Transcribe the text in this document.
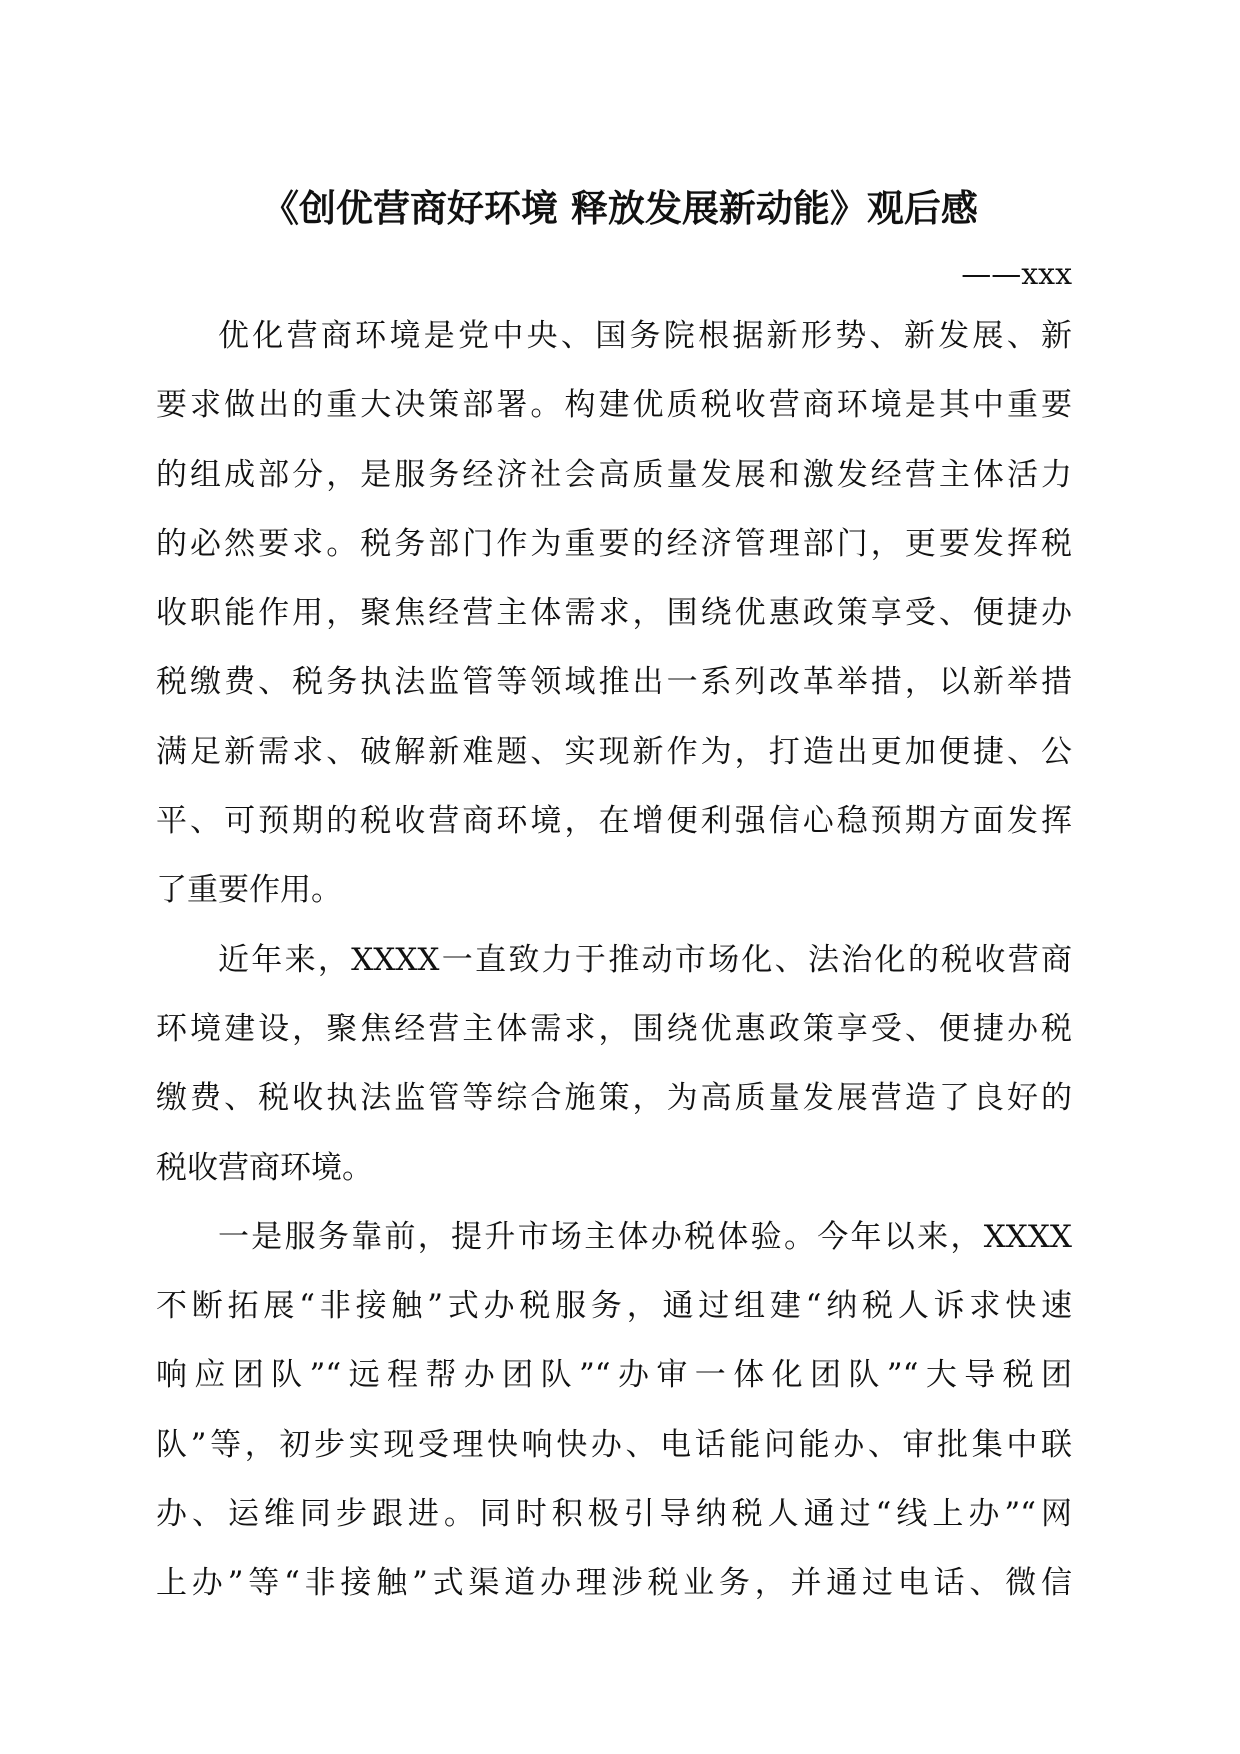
《创优营商好环境 释放发展新动能》观后感
——xxx
优化营商环境是党中央、国务院根据新形势、新发展、新
要求做出的重大决策部署。构建优质税收营商环境是其中重要
的组成部分，是服务经济社会高质量发展和激发经营主体活力
的必然要求。税务部门作为重要的经济管理部门，更要发挥税
收职能作用，聚焦经营主体需求，围绕优惠政策享受、便捷办
税缴费、税务执法监管等领域推出一系列改革举措，以新举措
满足新需求、破解新难题、实现新作为，打造出更加便捷、公
平、可预期的税收营商环境，在增便利强信心稳预期方面发挥
了重要作用。
近年来，XXXX一直致力于推动市场化、法治化的税收营商
环境建设，聚焦经营主体需求，围绕优惠政策享受、便捷办税
缴费、税收执法监管等综合施策，为高质量发展营造了良好的
税收营商环境。
一是服务靠前，提升市场主体办税体验。今年以来，XXXX
不断拓展“非接触”式办税服务，通过组建“纳税人诉求快速
响应团队”“远程帮办团队”“办审一体化团队”“大导税团
队”等，初步实现受理快响快办、电话能问能办、审批集中联
办、运维同步跟进。同时积极引导纳税人通过“线上办”“网
上办”等“非接触”式渠道办理涉税业务，并通过电话、微信
